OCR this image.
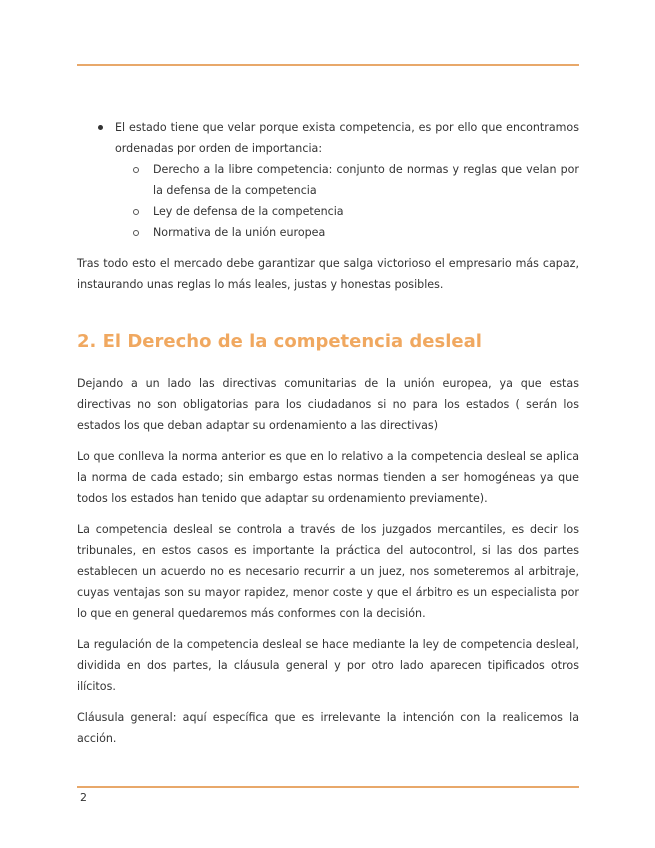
El estado tiene que velar porque exista competencia, es por ello que encontramos ordenadas por orden de importancia:
Derecho a la libre competencia: conjunto de normas y reglas que velan por la defensa de la competencia
Ley de defensa de la competencia
Normativa de la unión europea

Tras todo esto el mercado debe garantizar que salga victorioso el empresario más capaz, instaurando unas reglas lo más leales, justas y honestas posibles.

2. El Derecho de la competencia desleal

Dejando a un lado las directivas comunitarias de la unión europea, ya que estas directivas no son obligatorias para los ciudadanos si no para los estados ( serán los estados los que deban adaptar su ordenamiento a las directivas)

Lo que conlleva la norma anterior es que en lo relativo a la competencia desleal se aplica la norma de cada estado; sin embargo estas normas tienden a ser homogéneas ya que todos los estados han tenido que adaptar su ordenamiento previamente).

La competencia desleal se controla a través de los juzgados mercantiles, es decir los tribunales, en estos casos es importante la práctica del autocontrol, si las dos partes establecen un acuerdo no es necesario recurrir a un juez, nos someteremos al arbitraje, cuyas ventajas son su mayor rapidez, menor coste y que el árbitro es un especialista por lo que en general quedaremos más conformes con la decisión.

La regulación de la competencia desleal se hace mediante la ley de competencia desleal, dividida en dos partes, la cláusula general y por otro lado aparecen tipificados otros ilícitos.

Cláusula general: aquí específica que es irrelevante la intención con la realicemos la acción.

2
